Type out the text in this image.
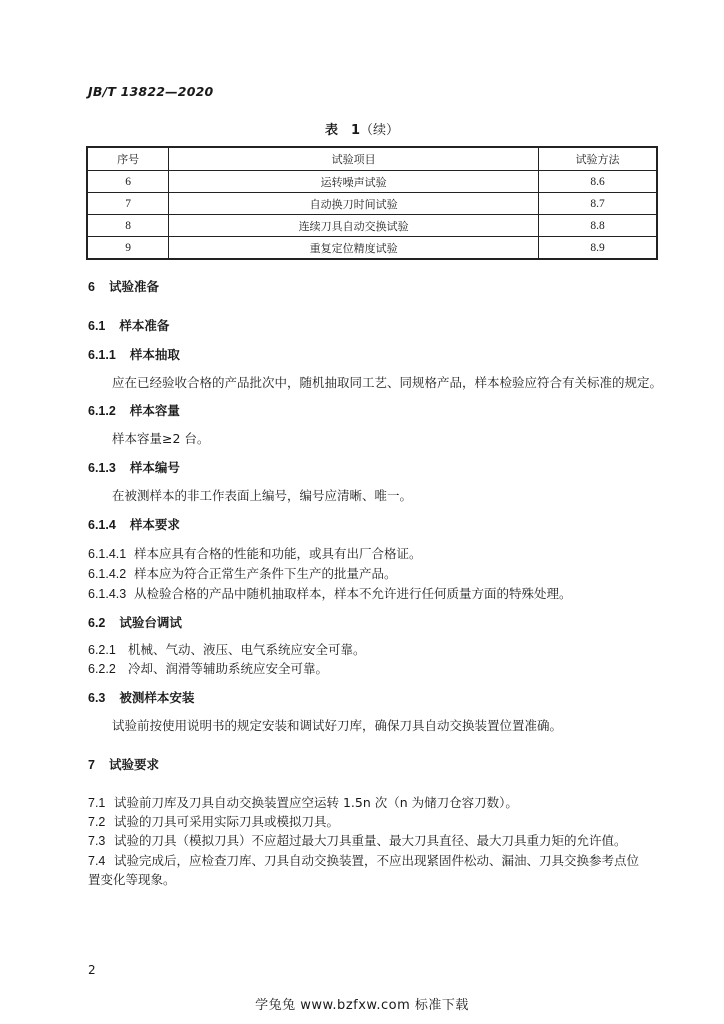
JB/T 13822—2020
表　1（续）
序号	试验项目	试验方法
6	运转噪声试验	8.6
7	自动换刀时间试验	8.7
8	连续刀具自动交换试验	8.8
9	重复定位精度试验	8.9
6 试验准备
6.1 样本准备
6.1.1 样本抽取
应在已经验收合格的产品批次中，随机抽取同工艺、同规格产品，样本检验应符合有关标准的规定。
6.1.2 样本容量
样本容量≥2 台。
6.1.3 样本编号
在被测样本的非工作表面上编号，编号应清晰、唯一。
6.1.4 样本要求
6.1.4.1 样本应具有合格的性能和功能，或具有出厂合格证。
6.1.4.2 样本应为符合正常生产条件下生产的批量产品。
6.1.4.3 从检验合格的产品中随机抽取样本，样本不允许进行任何质量方面的特殊处理。
6.2 试验台调试
6.2.1 机械、气动、液压、电气系统应安全可靠。
6.2.2 冷却、润滑等辅助系统应安全可靠。
6.3 被测样本安装
试验前按使用说明书的规定安装和调试好刀库，确保刀具自动交换装置位置准确。
7 试验要求
7.1 试验前刀库及刀具自动交换装置应空运转 1.5n 次（n 为储刀仓容刀数）。
7.2 试验的刀具可采用实际刀具或模拟刀具。
7.3 试验的刀具（模拟刀具）不应超过最大刀具重量、最大刀具直径、最大刀具重力矩的允许值。
7.4 试验完成后，应检查刀库、刀具自动交换装置，不应出现紧固件松动、漏油、刀具交换参考点位
置变化等现象。
2
学兔兔 www.bzfxw.com 标准下载
